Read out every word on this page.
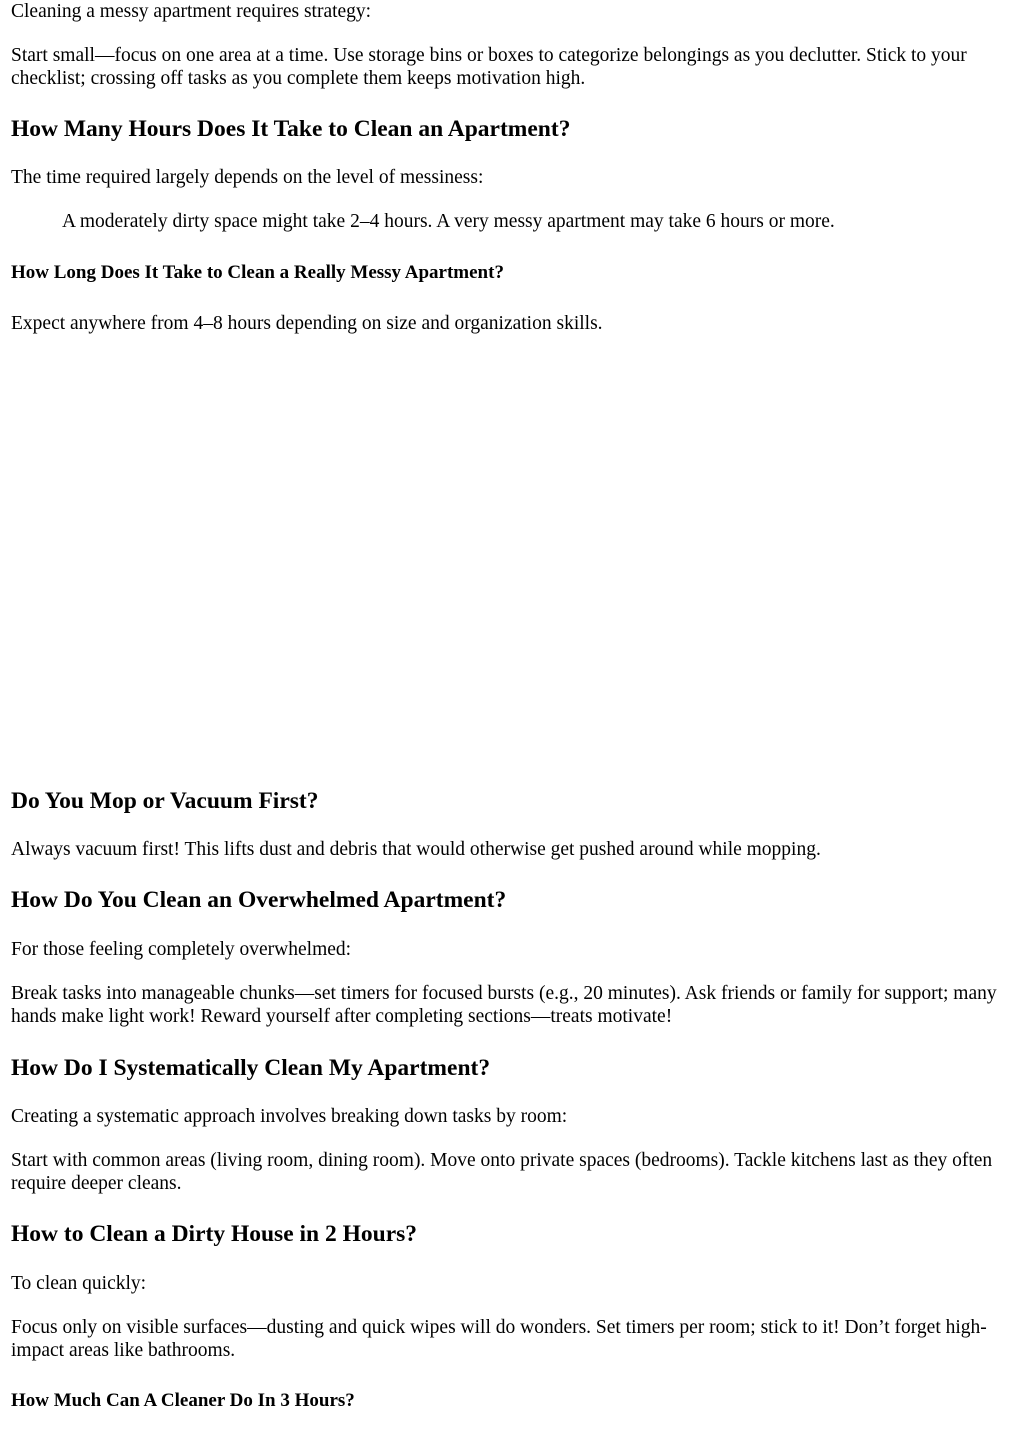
Cleaning a messy apartment requires strategy:

Start small—focus on one area at a time. Use storage bins or boxes to categorize belongings as you declutter. Stick to your checklist; crossing off tasks as you complete them keeps motivation high.

How Many Hours Does It Take to Clean an Apartment?

The time required largely depends on the level of messiness:

A moderately dirty space might take 2–4 hours. A very messy apartment may take 6 hours or more.
How Long Does It Take to Clean a Really Messy Apartment?

Expect anywhere from 4–8 hours depending on size and organization skills.

Do You Mop or Vacuum First?

Always vacuum first! This lifts dust and debris that would otherwise get pushed around while mopping.

How Do You Clean an Overwhelmed Apartment?

For those feeling completely overwhelmed:

Break tasks into manageable chunks—set timers for focused bursts (e.g., 20 minutes). Ask friends or family for support; many hands make light work! Reward yourself after completing sections—treats motivate!

How Do I Systematically Clean My Apartment?

Creating a systematic approach involves breaking down tasks by room:

Start with common areas (living room, dining room). Move onto private spaces (bedrooms). Tackle kitchens last as they often require deeper cleans.

How to Clean a Dirty House in 2 Hours?

To clean quickly:

Focus only on visible surfaces—dusting and quick wipes will do wonders. Set timers per room; stick to it! Don’t forget high-impact areas like bathrooms.

How Much Can A Cleaner Do In 3 Hours?
